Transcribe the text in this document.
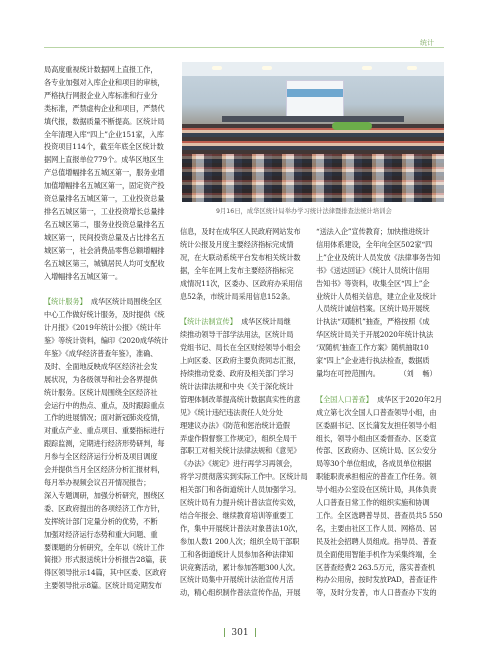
统计

局高度重视统计数据网上直报工作，

各专业加强对入库企业和项目的审核，

严格执行网报企业入库标准和行业分

类标准，严禁虚构企业和项目，严禁代

填代报，数据质量不断提高。区统计局

全年清理入库“四上”企业151家，入库

投资项目114个，截至年底全区统计数

据网上直报单位779个。成华区地区生

产总值增幅排名五城区第一，服务业增

加值增幅排名五城区第一，固定资产投

资总量排名五城区第一，工业投资总量

排名五城区第一，工业投资增长总量排

名五城区第二，服务业投资总量排名五

城区第一，民间投资总量及占比排名五

城区第一，社会消费品零售总额增幅排

名五城区第三，城镇居民人均可支配收

入增幅排名五城区第一。

【统计服务】  成华区统计局围绕全区

中心工作做好统计服务，及时提供《统

计月报》《2019年统计公报》《统计年

鉴》等统计资料，编印《2020成华统计

年鉴》《成华经济普查年鉴》，准确、

及时、全面地反映成华区经济社会发

展状况，为各级领导和社会各界提供

统计服务。区统计局围绕全区经济社

会运行中的热点、重点，及时跟踪重点

工作的进展情况；面对新冠肺炎疫情，

对重点产业、重点项目、重要指标进行

跟踪监测，定期进行经济形势研判，每

月参与全区经济运行分析及项目调度

会并提供当月全区经济分析汇报材料，

每月举办视频会议召开情况报告；

深入专题调研，加强分析研究，围绕区

委、区政府提出的各项经济工作方针，

发挥统计部门定量分析的优势，不断

加强对经济运行态势和重大问题、重

要课题的分析研究，全年以《统计工作

简报》形式报送统计分析报告28篇，获

得区领导批示14篇，其中区委、区政府

主要领导批示8篇。区统计局定期发布

9月16日，成华区统计局举办学习统计法律暨排查法统计培训会

信息，及时在成华区人民政府网站发布

统计公报及月度主要经济指标完成情

况，在大联动系统平台发布相关统计数

据，全年在网上发布主要经济指标完

成情况11次，区委办、区政府办采用信

息52条，市统计局采用信息152条。

【统计法制宣传】  成华区统计局继

续推动领导干部学法用法，区统计局

党组书记、局长在全区财经领导小组会

上向区委、区政府主要负责同志汇报，

持续推动党委、政府及相关部门学习

统计法律法规和中央《关于深化统计

管理体制改革提高统计数据真实性的意

见》《统计违纪违法责任人处分处

理建议办法》《防范和惩治统计造假

弄虚作假督察工作规定》，组织全局干

部职工对相关统计法律法规和《意见》

《办法》《规定》进行再学习再领会，

将学习贯彻落实到实际工作中。区统计局

相关部门和各街道统计人员加强学习。

区统计局有力提升统计普法宣传实效，

结合年报会、继续教育培训等重要工

作，集中开展统计普法对象普法10次，

参加人数1 200人次；组织全局干部职

工和各街道统计人员参加各种法律知

识竞赛活动，累计参加答题300人次。

区统计局集中开展统计法治宣传月活

动，精心组织制作普法宣传作品，开展

“送法入企”宣传教育；加快推进统计

信用体系建设，全年向全区502家“四

上”企业及统计人员发放《法律事务告知

书》《送达回证》《统计人员统计信用

告知书》等资料，收集全区“四上”企

业统计人员相关信息，建立企业及统计

人员统计诚信档案。区统计局开展统

计执法“双随机”抽查，严格按照《成

华区统计局关于开展2020年统计执法

‘双随机’抽查工作方案》随机抽取10

家“四上”企业进行执法检查，数据质

量均在可控范围内。         （刘    畅）

【全国人口普查】  成华区于2020年2月

成立第七次全国人口普查领导小组，由

区委副书记、区长蒲发友担任领导小组

组长，领导小组由区委督查办、区委宣

传部、区政府办、区统计局、区公安分

局等30个单位组成，各成员单位根据

职能职责承担相应的普查工作任务。领

导小组办公室设在区统计局，具体负责

人口普查日常工作的组织实施和协调

工作。全区选聘普导员、普查员共5 550

名，主要由社区工作人员、网格员、居

民及社会招聘人员组成。指导员、普查

员全面使用智能手机作为采集终端，全

区普查经费2 263.5万元，落实普查机

构办公用房，按时发放PAD，普查证件

等，及时分发普，市人口普查办下发的

301
